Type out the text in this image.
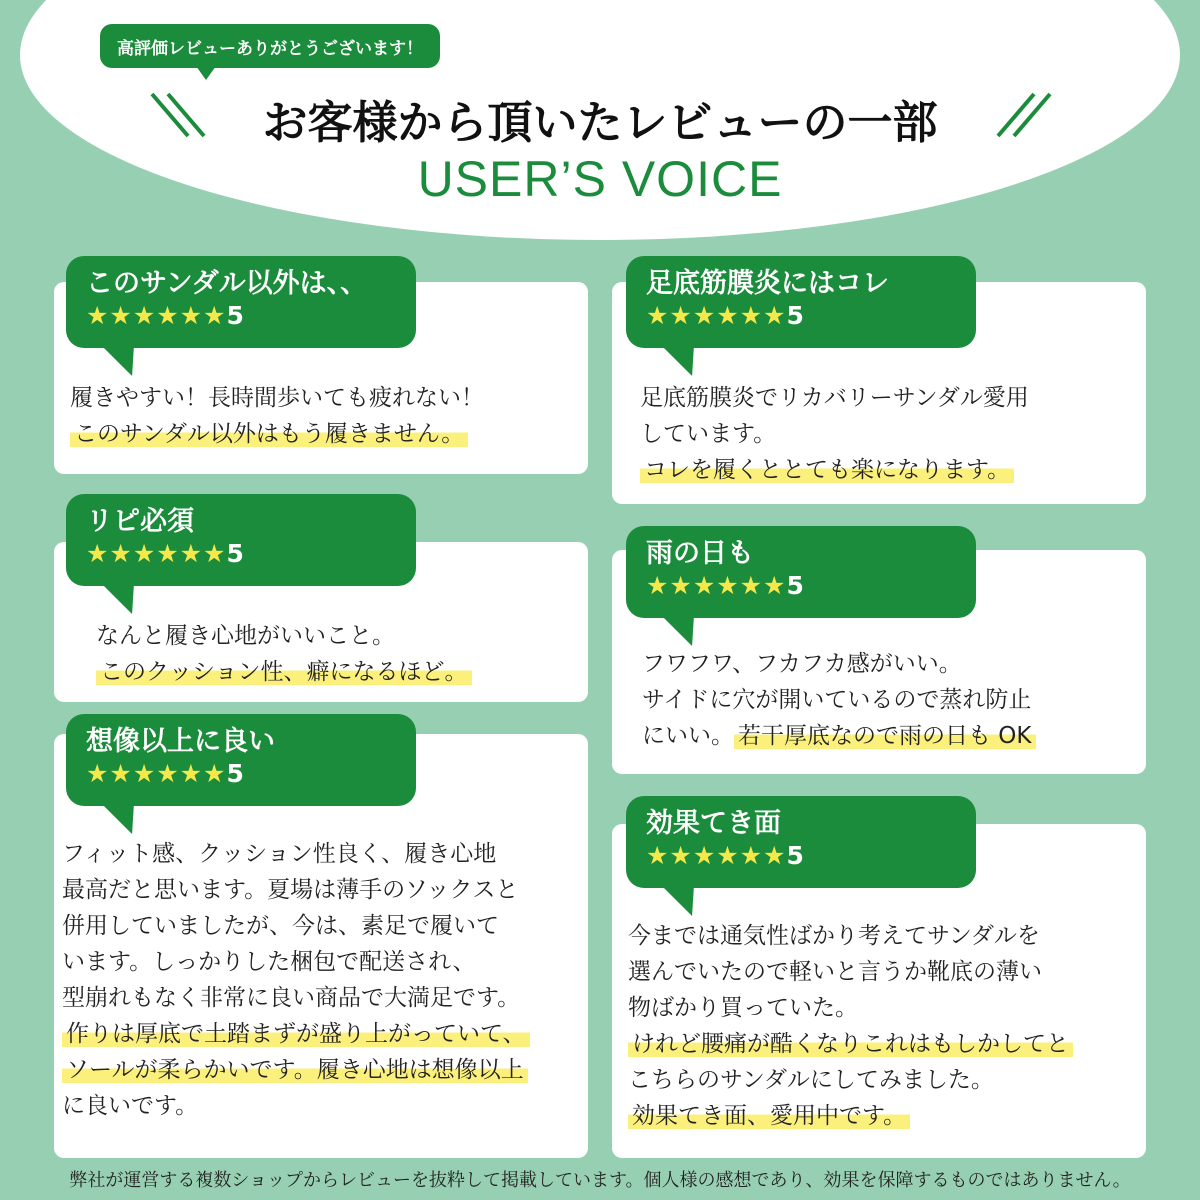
高評価レビューありがとうございます！
お客様から頂いたレビューの一部
USER’S VOICE
このサンダル以外は、、
★★★★★★5
履きやすい！長時間歩いても疲れない！
このサンダル以外はもう履きません。
リピ必須
★★★★★★5
なんと履き心地がいいこと。
このクッション性、癖になるほど。
想像以上に良い
★★★★★★5
フィット感、クッション性良く、履き心地
最高だと思います。夏場は薄手のソックスと
併用していましたが、今は、素足で履いて
います。しっかりした梱包で配送され、
型崩れもなく非常に良い商品で大満足です。
作りは厚底で土踏まずが盛り上がっていて、
ソールが柔らかいです。履き心地は想像以上
に良いです。
足底筋膜炎にはコレ
★★★★★★5
足底筋膜炎でリカバリーサンダル愛用
しています。
コレを履くととても楽になります。
雨の日も
★★★★★★5
フワフワ、フカフカ感がいい。
サイドに穴が開いているので蒸れ防止
にいい。 若干厚底なので雨の日も OK
効果てき面
★★★★★★5
今までは通気性ばかり考えてサンダルを
選んでいたので軽いと言うか靴底の薄い
物ばかり買っていた。
けれど腰痛が酷くなりこれはもしかしてと
こちらのサンダルにしてみました。
効果てき面、愛用中です。
弊社が運営する複数ショップからレビューを抜粋して掲載しています。個人様の感想であり、効果を保障するものではありません。
